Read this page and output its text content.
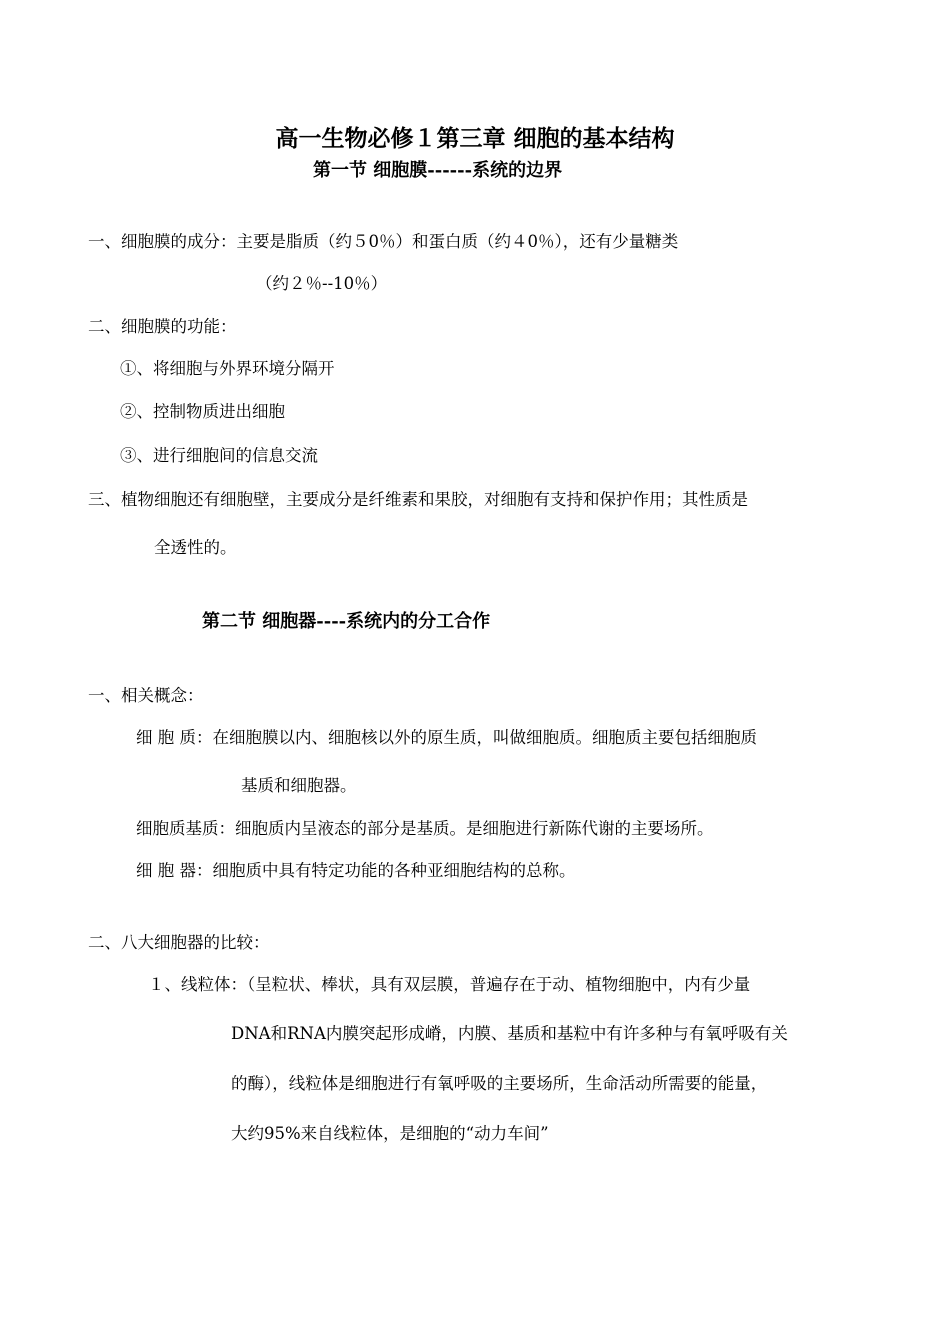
高一生物必修１第三章 细胞的基本结构
第一节 细胞膜------系统的边界
一、细胞膜的成分：主要是脂质（约５0％）和蛋白质（约４0％），还有少量糖类
（约２％--10％）
二、细胞膜的功能：
①、将细胞与外界环境分隔开
②、控制物质进出细胞
③、进行细胞间的信息交流
三、植物细胞还有细胞壁，主要成分是纤维素和果胶，对细胞有支持和保护作用；其性质是
全透性的。
第二节 细胞器----系统内的分工合作
一、相关概念：
细 胞 质：在细胞膜以内、细胞核以外的原生质，叫做细胞质。细胞质主要包括细胞质
基质和细胞器。
细胞质基质：细胞质内呈液态的部分是基质。是细胞进行新陈代谢的主要场所。
细 胞 器：细胞质中具有特定功能的各种亚细胞结构的总称。
二、八大细胞器的比较：
１、线粒体：（呈粒状、棒状，具有双层膜，普遍存在于动、植物细胞中，内有少量
DNA和RNA内膜突起形成嵴，内膜、基质和基粒中有许多种与有氧呼吸有关
的酶），线粒体是细胞进行有氧呼吸的主要场所，生命活动所需要的能量，
大约95%来自线粒体，是细胞的“动力车间”
